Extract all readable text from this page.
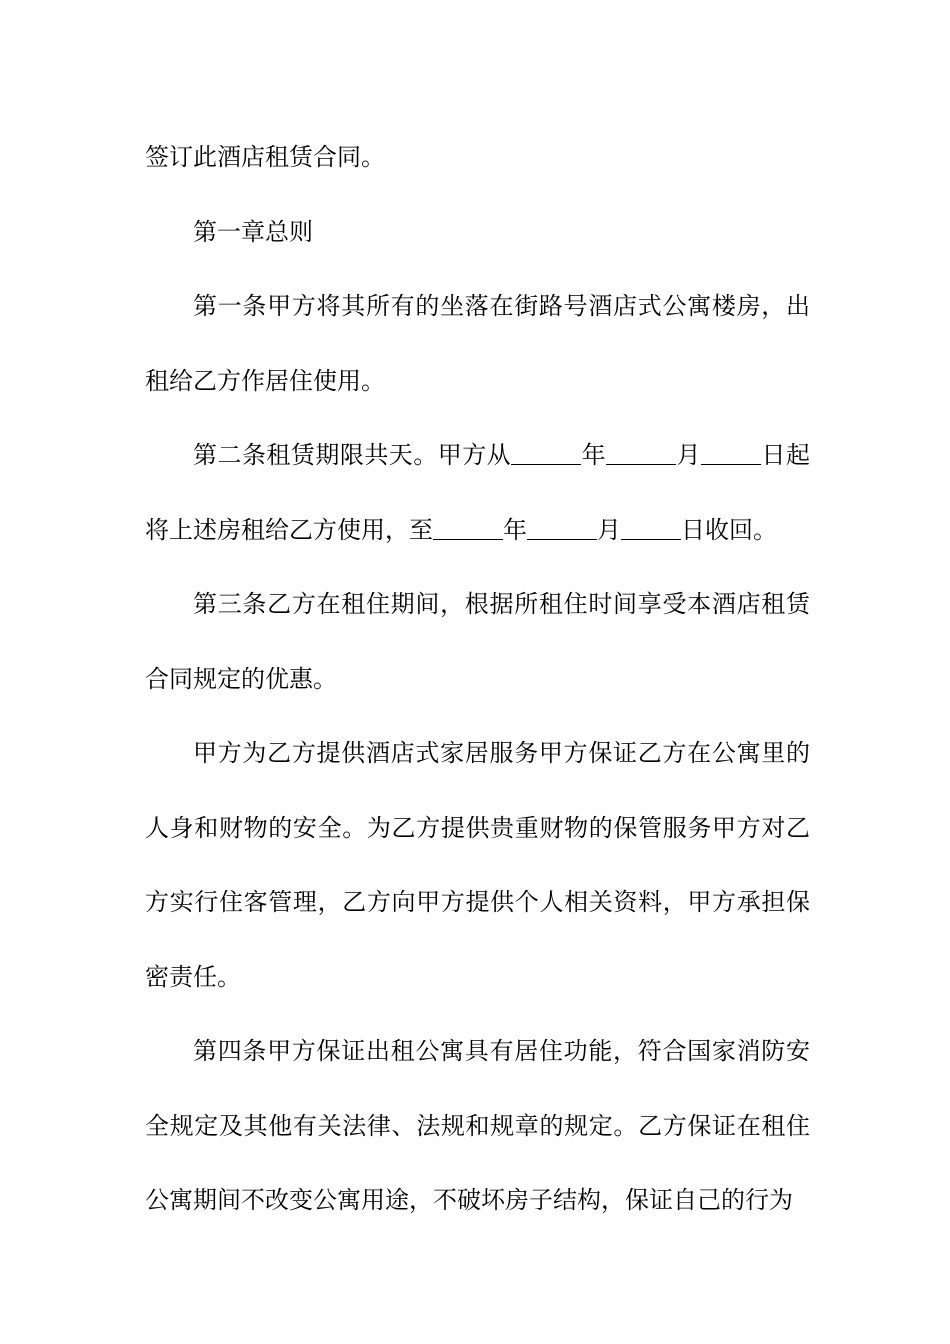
签订此酒店租赁合同。

第一章总则

第一条甲方将其所有的坐落在街路号酒店式公寓楼房，出租给乙方作居住使用。

第二条租赁期限共天。甲方从	年	月	日起将上述房租给乙方使用，至	年	月	日收回。

第三条乙方在租住期间，根据所租住时间享受本酒店租赁合同规定的优惠。

甲方为乙方提供酒店式家居服务甲方保证乙方在公寓里的人身和财物的安全。为乙方提供贵重财物的保管服务甲方对乙方实行住客管理，乙方向甲方提供个人相关资料，甲方承担保密责任。

第四条甲方保证出租公寓具有居住功能，符合国家消防安全规定及其他有关法律、法规和规章的规定。乙方保证在租住公寓期间不改变公寓用途，不破坏房子结构，保证自己的行为
